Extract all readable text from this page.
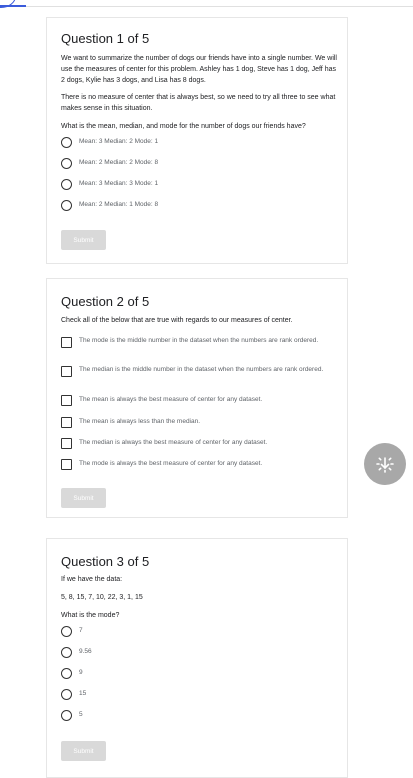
Question 1 of 5
We want to summarize the number of dogs our friends have into a single number. We will use the measures of center for this problem. Ashley has 1 dog, Steve has 1 dog, Jeff has 2 dogs, Kylie has 3 dogs, and Lisa has 8 dogs.
There is no measure of center that is always best, so we need to try all three to see what makes sense in this situation.
What is the mean, median, and mode for the number of dogs our friends have?
Mean: 3 Median: 2 Mode: 1
Mean: 2 Median: 2 Mode: 8
Mean: 3 Median: 3 Mode: 1
Mean: 2 Median: 1 Mode: 8
Submit
Question 2 of 5
Check all of the below that are true with regards to our measures of center.
The mode is the middle number in the dataset when the numbers are rank ordered.
The median is the middle number in the dataset when the numbers are rank ordered.
The mean is always the best measure of center for any dataset.
The mean is always less than the median.
The median is always the best measure of center for any dataset.
The mode is always the best measure of center for any dataset.
Submit
Question 3 of 5
If we have the data:
5, 8, 15, 7, 10, 22, 3, 1, 15
What is the mode?
7
9.56
9
15
5
Submit
